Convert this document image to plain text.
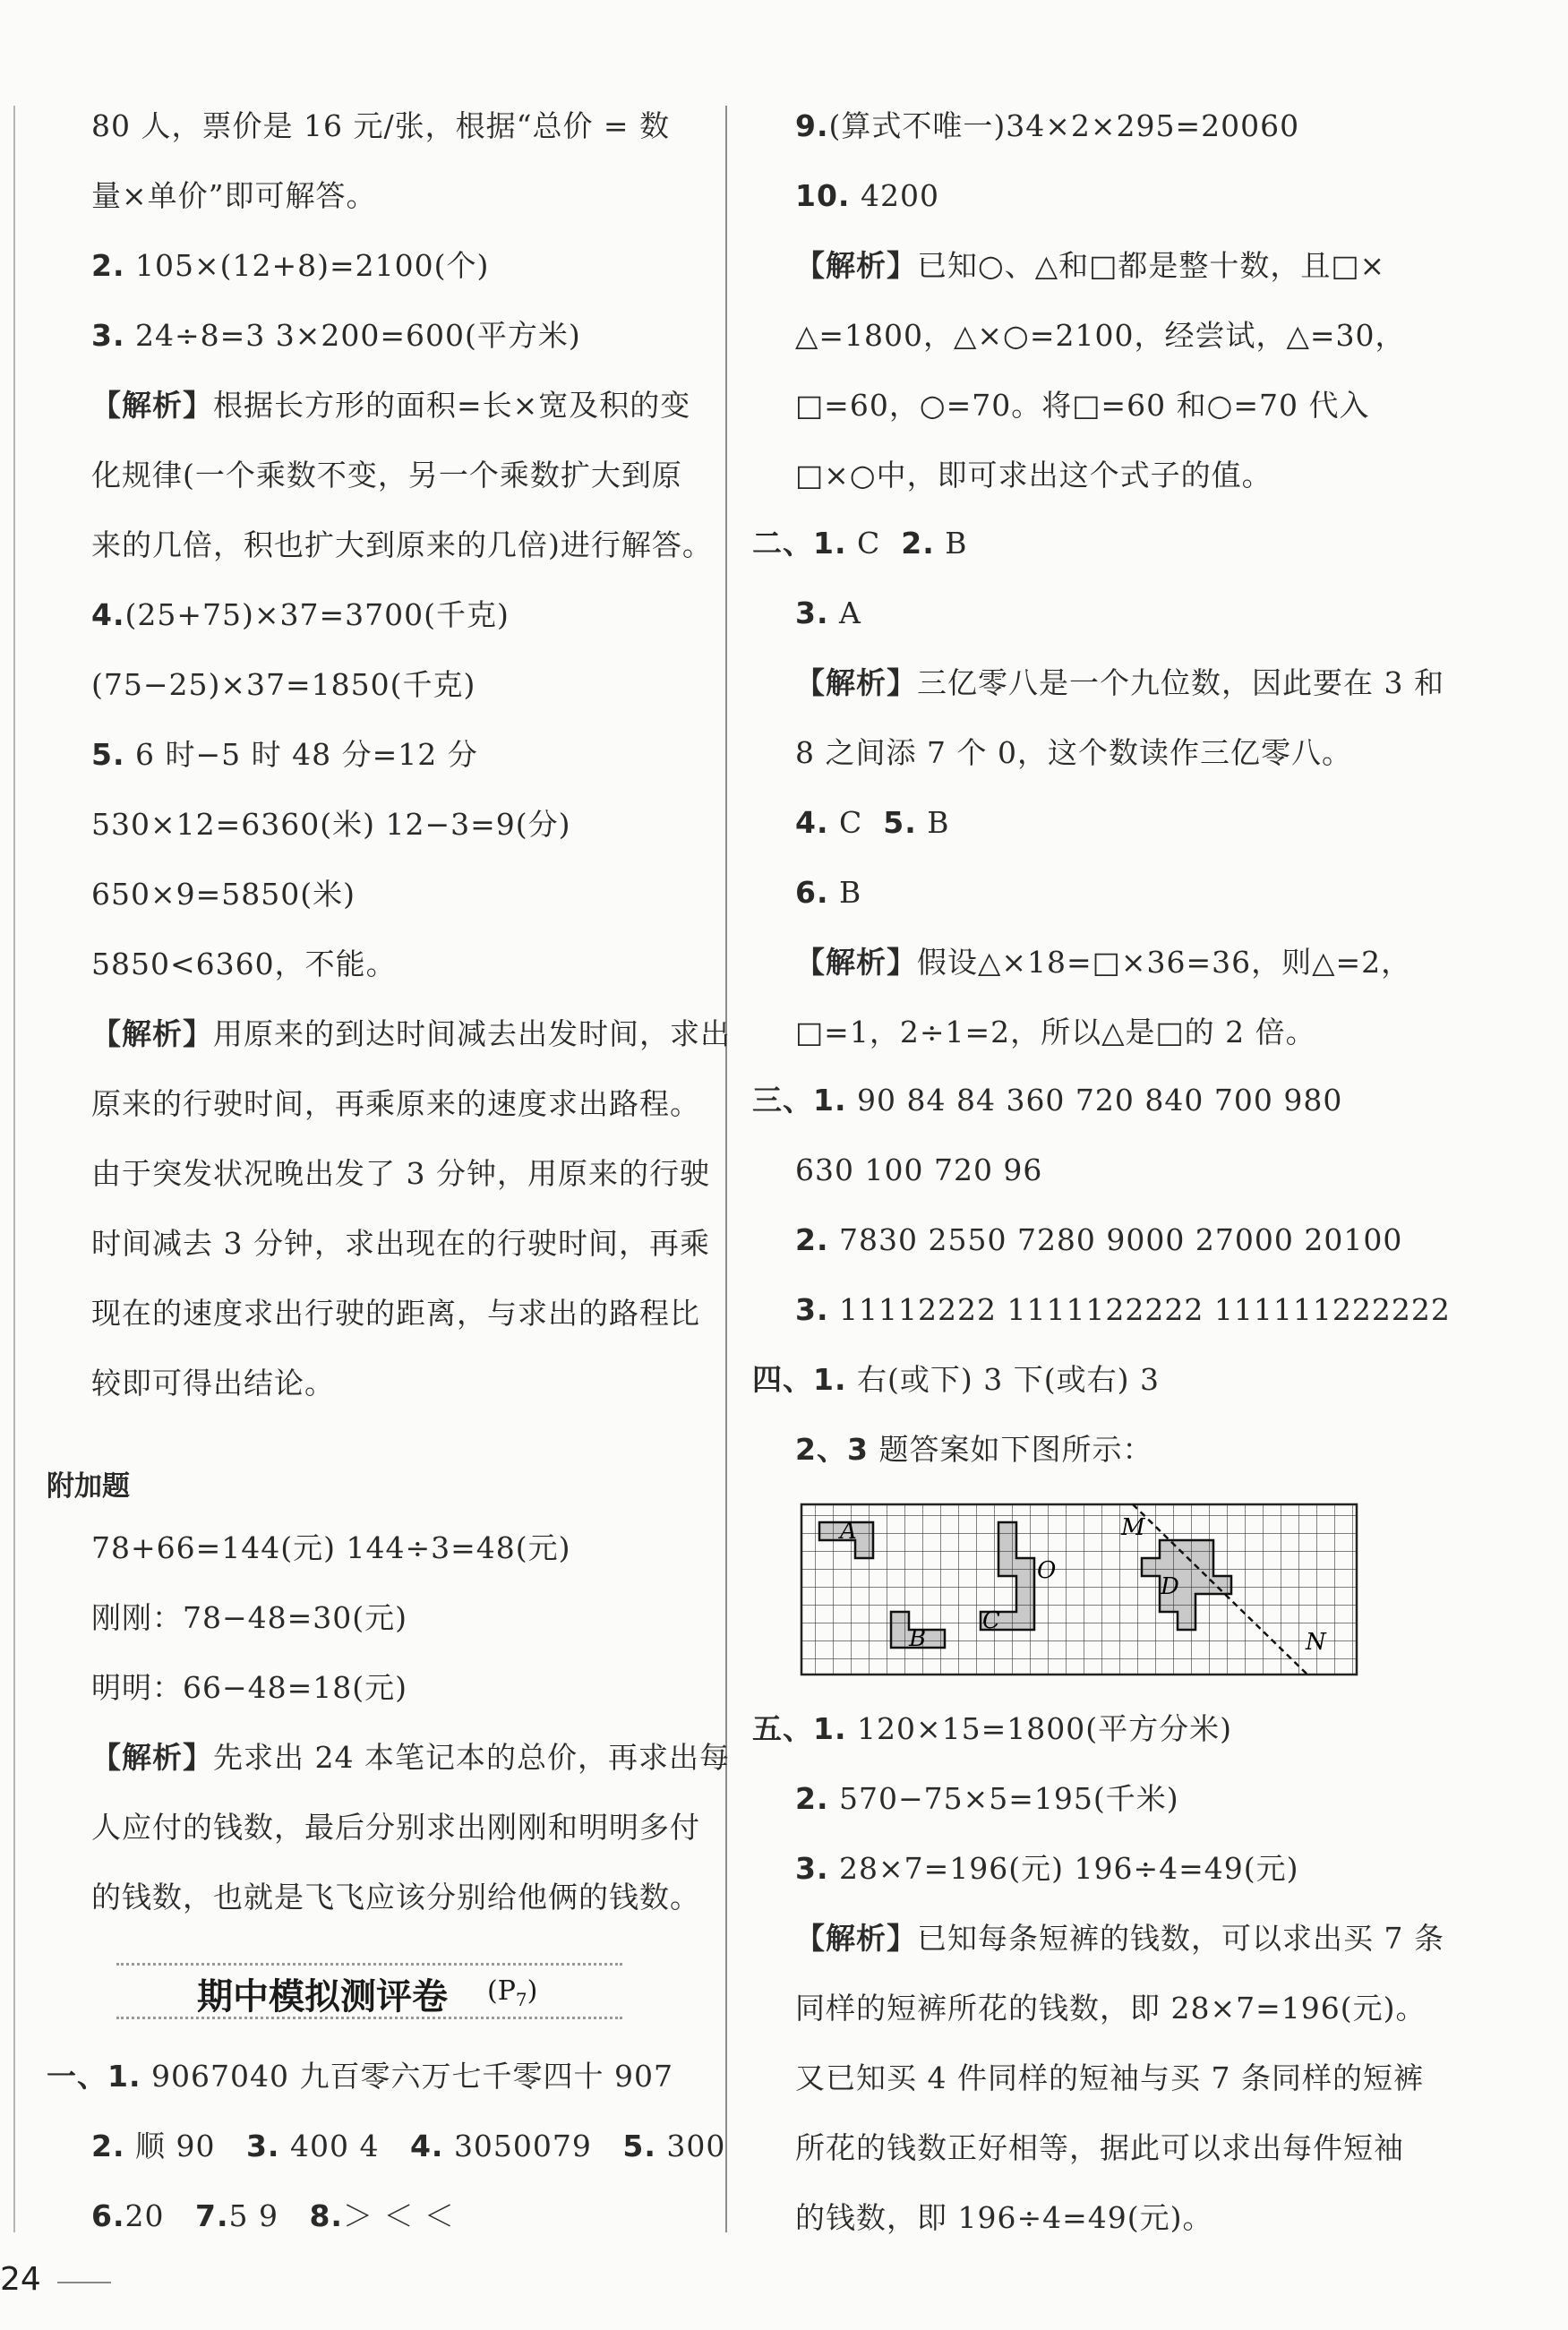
80 人，票价是 16 元/张，根据“总价 = 数
量×单价”即可解答。
2. 105×(12+8)=2100(个)
3. 24÷8=3 3×200=600(平方米)
【解析】根据长方形的面积=长×宽及积的变
化规律(一个乘数不变，另一个乘数扩大到原
来的几倍，积也扩大到原来的几倍)进行解答。
4.(25+75)×37=3700(千克)
(75−25)×37=1850(千克)
5. 6 时−5 时 48 分=12 分
530×12=6360(米) 12−3=9(分)
650×9=5850(米)
5850<6360，不能。
【解析】用原来的到达时间减去出发时间，求出
原来的行驶时间，再乘原来的速度求出路程。
由于突发状况晚出发了 3 分钟，用原来的行驶
时间减去 3 分钟，求出现在的行驶时间，再乘
现在的速度求出行驶的距离，与求出的路程比
较即可得出结论。
附加题
78+66=144(元) 144÷3=48(元)
刚刚：78−48=30(元)
明明：66−48=18(元)
【解析】先求出 24 本笔记本的总价，再求出每
人应付的钱数，最后分别求出刚刚和明明多付
的钱数，也就是飞飞应该分别给他俩的钱数。
期中模拟测评卷 $(P_7)$
一、1. 9067040 九百零六万七千零四十 907
2. 顺 90 3. 400 4 4. 3050079 5. 300
6.20 7.5 9 8.＞ ＜ ＜
9.(算式不唯一)34×2×295=20060
10. 4200
【解析】已知○、△和□都是整十数，且□×
△=1800，△×○=2100，经尝试，△=30，
□=60，○=70。将□=60 和○=70 代入
□×○中，即可求出这个式子的值。
二、1. C 2. B
3. A
【解析】三亿零八是一个九位数，因此要在 3 和
8 之间添 7 个 0，这个数读作三亿零八。
4. C 5. B
6. B
【解析】假设△×18=□×36=36，则△=2，
□=1，2÷1=2，所以△是□的 2 倍。
三、1. 90 84 84 360 720 840 700 980
630 100 720 96
2. 7830 2550 7280 9000 27000 20100
3. 11112222 1111122222 111111222222
四、1. 右(或下) 3 下(或右) 3
2、3 题答案如下图所示：
A
B
C
O
D
M
N
五、1. 120×15=1800(平方分米)
2. 570−75×5=195(千米)
3. 28×7=196(元) 196÷4=49(元)
【解析】已知每条短裤的钱数，可以求出买 7 条
同样的短裤所花的钱数，即 28×7=196(元)。
又已知买 4 件同样的短袖与买 7 条同样的短裤
所花的钱数正好相等，据此可以求出每件短袖
的钱数，即 196÷4=49(元)。
24
